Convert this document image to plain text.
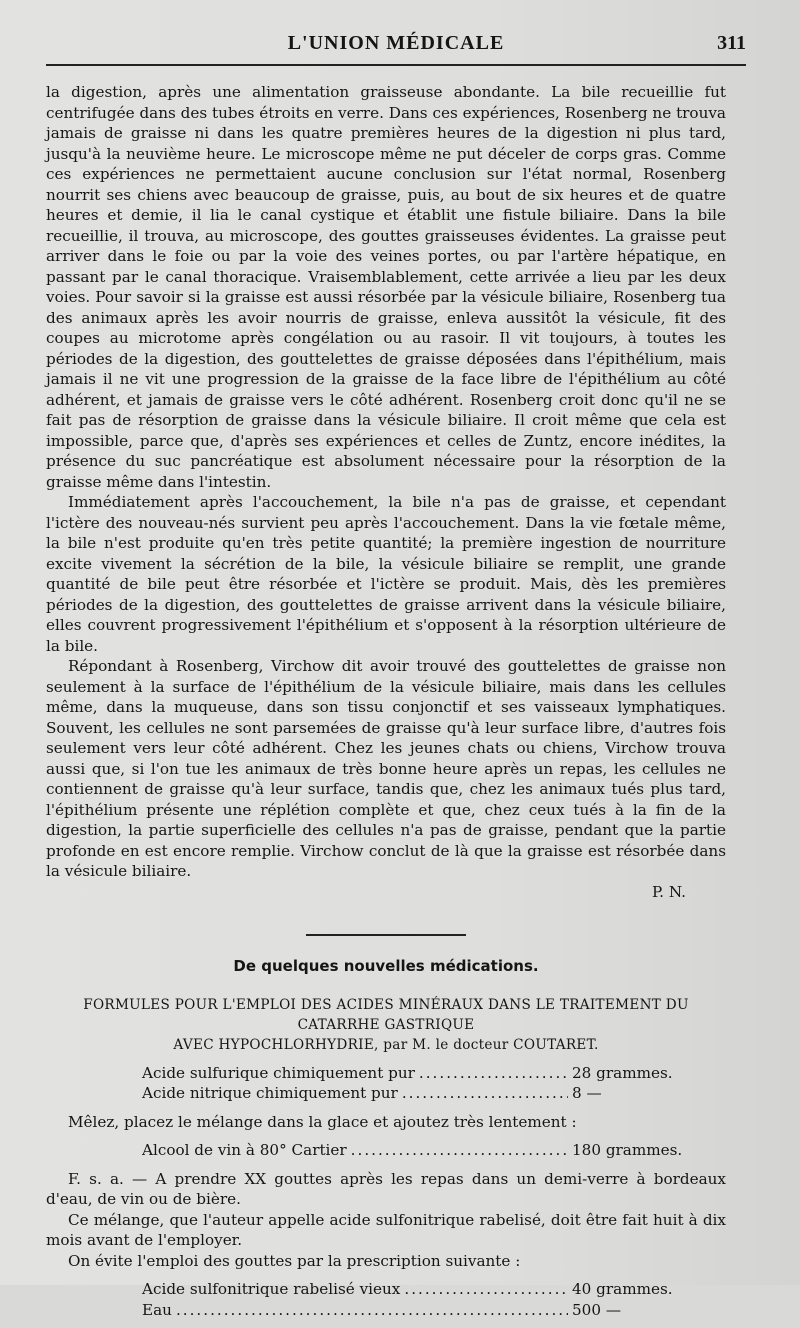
L'UNION MÉDICALE	311

la digestion, après une alimentation graisseuse abondante. La bile recueillie fut centrifugée dans des tubes étroits en verre. Dans ces expériences, Rosenberg ne trouva jamais de graisse ni dans les quatre premières heures de la digestion ni plus tard, jusqu'à la neuvième heure. Le microscope même ne put déceler de corps gras. Comme ces expériences ne permettaient aucune conclusion sur l'état normal, Rosenberg nourrit ses chiens avec beaucoup de graisse, puis, au bout de six heures et de quatre heures et demie, il lia le canal cystique et établit une fistule biliaire. Dans la bile recueillie, il trouva, au microscope, des gouttes graisseuses évidentes. La graisse peut arriver dans le foie ou par la voie des veines portes, ou par l'artère hépatique, en passant par le canal thoracique. Vraisemblablement, cette arrivée a lieu par les deux voies. Pour savoir si la graisse est aussi résorbée par la vésicule biliaire, Rosenberg tua des animaux après les avoir nourris de graisse, enleva aussitôt la vésicule, fit des coupes au microtome après congélation ou au rasoir. Il vit toujours, à toutes les périodes de la digestion, des gouttelettes de graisse déposées dans l'épithélium, mais jamais il ne vit une progression de la graisse de la face libre de l'épithélium au côté adhérent, et jamais de graisse vers le côté adhérent. Rosenberg croit donc qu'il ne se fait pas de résorption de graisse dans la vésicule biliaire. Il croit même que cela est impossible, parce que, d'après ses expériences et celles de Zuntz, encore inédites, la présence du suc pancréatique est absolument nécessaire pour la résorption de la graisse même dans l'intestin.

Immédiatement après l'accouchement, la bile n'a pas de graisse, et cependant l'ictère des nouveau-nés survient peu après l'accouchement. Dans la vie fœtale même, la bile n'est produite qu'en très petite quantité; la première ingestion de nourriture excite vivement la sécrétion de la bile, la vésicule biliaire se remplit, une grande quantité de bile peut être résorbée et l'ictère se produit. Mais, dès les premières périodes de la digestion, des gouttelettes de graisse arrivent dans la vésicule biliaire, elles couvrent progressivement l'épithélium et s'opposent à la résorption ultérieure de la bile.

Répondant à Rosenberg, Virchow dit avoir trouvé des gouttelettes de graisse non seulement à la surface de l'épithélium de la vésicule biliaire, mais dans les cellules même, dans la muqueuse, dans son tissu conjonctif et ses vaisseaux lymphatiques. Souvent, les cellules ne sont parsemées de graisse qu'à leur surface libre, d'autres fois seulement vers leur côté adhérent. Chez les jeunes chats ou chiens, Virchow trouva aussi que, si l'on tue les animaux de très bonne heure après un repas, les cellules ne contiennent de graisse qu'à leur surface, tandis que, chez les animaux tués plus tard, l'épithélium présente une réplétion complète et que, chez ceux tués à la fin de la digestion, la partie superficielle des cellules n'a pas de graisse, pendant que la partie profonde en est encore remplie. Virchow conclut de là que la graisse est résorbée dans la vésicule biliaire.

P. N.

De quelques nouvelles médications.

FORMULES POUR L'EMPLOI DES ACIDES MINÉRAUX DANS LE TRAITEMENT DU CATARRHE GASTRIQUE

AVEC HYPOCHLORHYDRIE, par M. le docteur COUTARET.

Acide sulfurique chimiquement pur .....	28 grammes.
Acide nitrique chimiquement pur .....	8 —

Mêlez, placez le mélange dans la glace et ajoutez très lentement :

Alcool de vin à 80° Cartier .....	180 grammes.

F. s. a. — A prendre XX gouttes après les repas dans un demi-verre à bordeaux d'eau, de vin ou de bière.

Ce mélange, que l'auteur appelle acide sulfonitrique rabelisé, doit être fait huit à dix mois avant de l'employer.

On évite l'emploi des gouttes par la prescription suivante :

Acide sulfonitrique rabelisé vieux .....	40 grammes.
Eau .....	500 —
